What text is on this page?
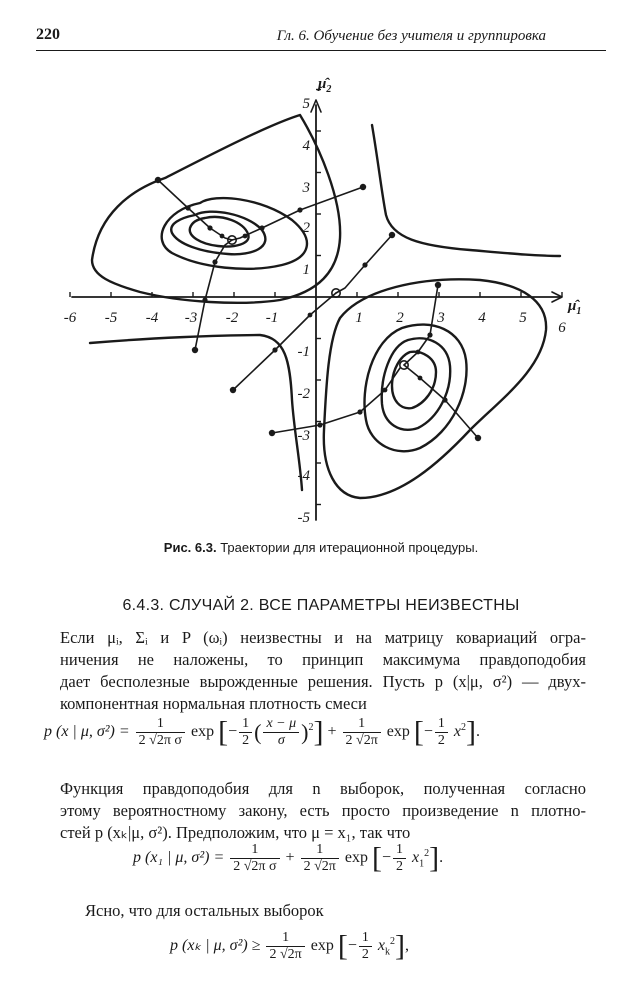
220	Гл. 6. Обучение без учителя и группировка
-6 -5 -4 -3 -2 -1	1 2 3 4 5
6
5
4
3
2
1
-1
-2
-3
-4
-5
$\mû_2$
$\mû_1$
Рис. 6.3. Траектории для итерационной процедуры.
6.4.3. СЛУЧАЙ 2. ВСЕ ПАРАМЕТРЫ НЕИЗВЕСТНЫ
Если μᵢ, Σᵢ и P (ωᵢ) неизвестны и на матрицу ковариаций огра-
ничения не наложены, то принцип максимума правдоподобия
дает бесполезные вырожденные решения. Пусть p (x|μ, σ²) — двух-
компонентная нормальная плотность смеси
p (x | μ, $\sigma^2) = \frac{1}{\text{2 √2π σ}}$ exp [− $\frac{1}{2}$ ( $\frac{x - \mu}{\sigma} )^2] + \frac{1}{2 √2\pi}$ exp [− $\frac{1}{2} x^2$].
Функция правдоподобия для n выборок, полученная согласно
этому вероятностному закону, есть просто произведение n плотно-
стей p (xₖ|μ, σ²). Предположим, что μ = x₁, так что
p (x₁ | μ, $\sigma^2) = \frac{1}{\text{2 √2π σ}} + \frac{1}{2 √2\pi}$ exp [− $\frac{1}{2} x_1^2$].
Ясно, что для остальных выборок
p (xₖ | μ, $\sigma^2) \ge \frac{1}{2 √2\pi}$ exp [− $\frac{1}{2} x_k^2$],
